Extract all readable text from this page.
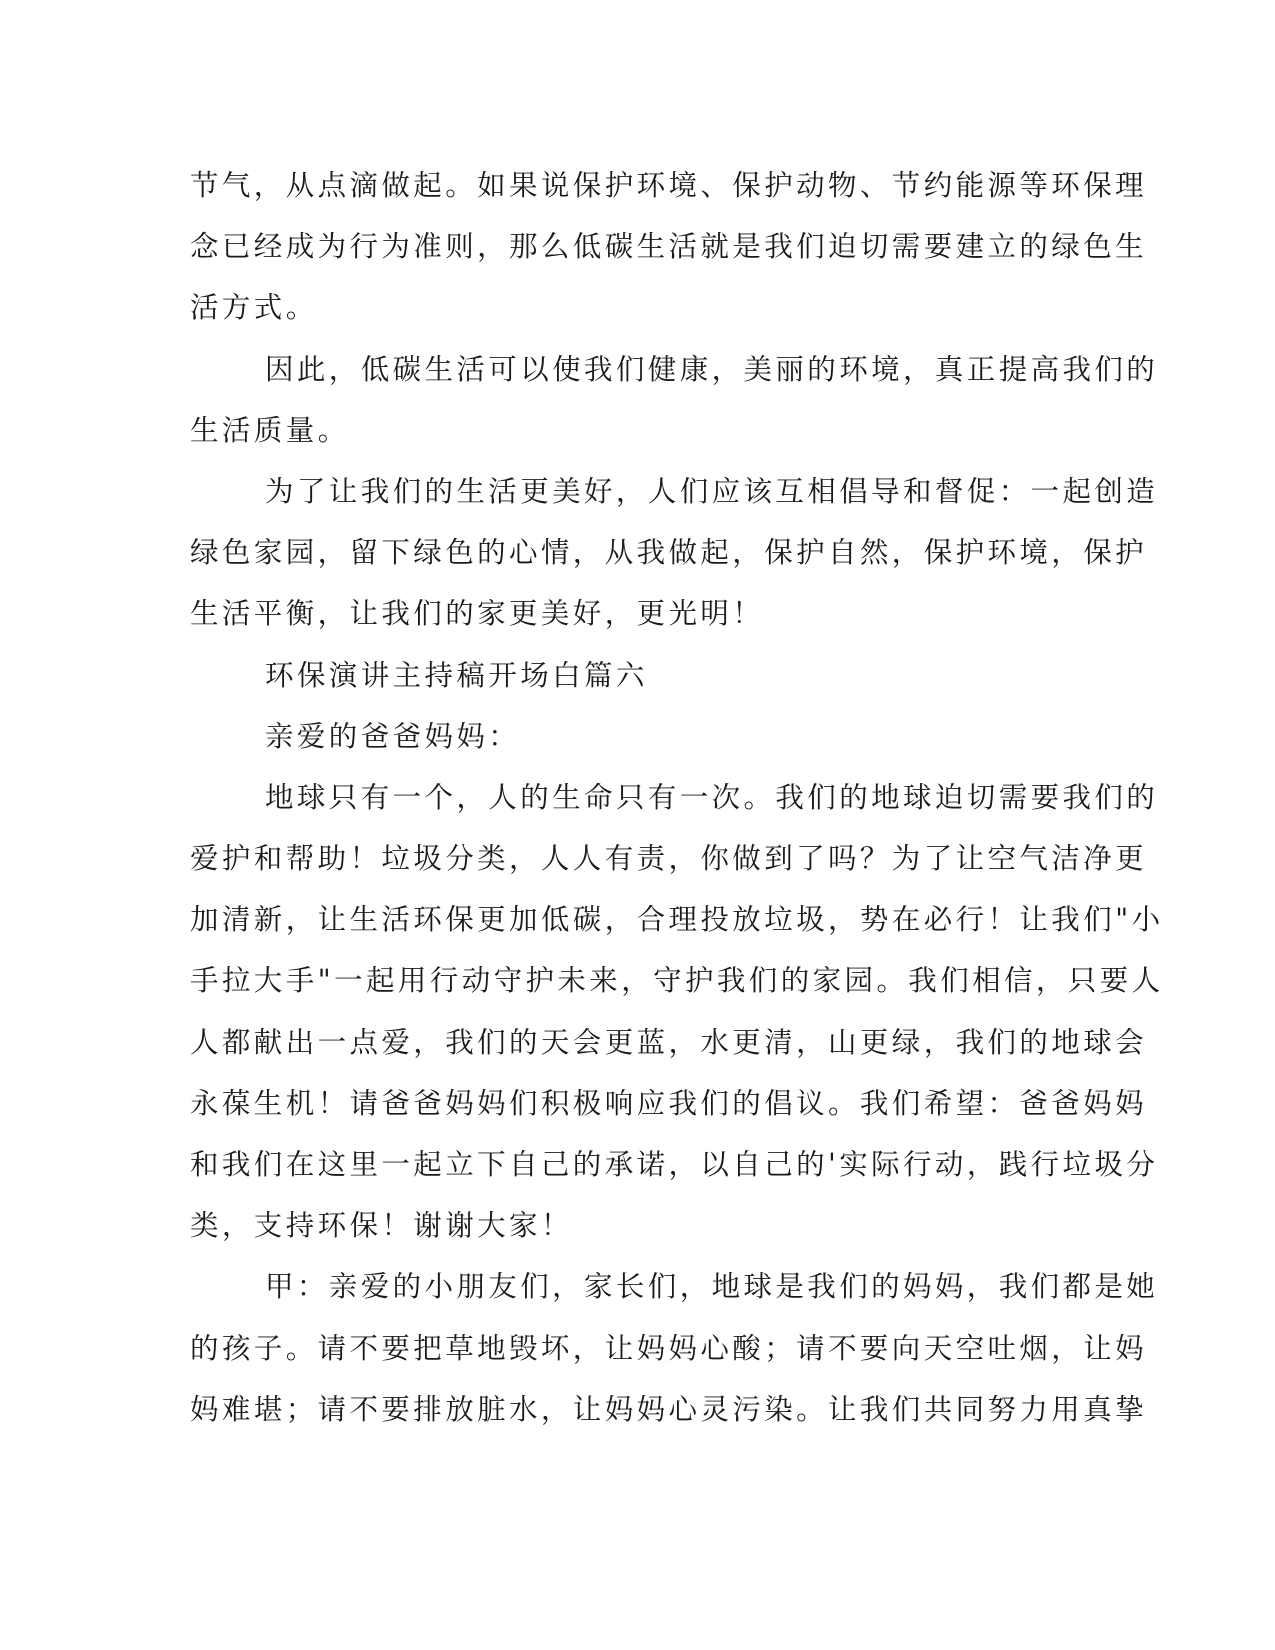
节气，从点滴做起。如果说保护环境、保护动物、节约能源等环保理
念已经成为行为准则，那么低碳生活就是我们迫切需要建立的绿色生
活方式。
因此，低碳生活可以使我们健康，美丽的环境，真正提高我们的
生活质量。
为了让我们的生活更美好，人们应该互相倡导和督促：一起创造
绿色家园，留下绿色的心情，从我做起，保护自然，保护环境，保护
生活平衡，让我们的家更美好，更光明！
环保演讲主持稿开场白篇六
亲爱的爸爸妈妈：
地球只有一个，人的生命只有一次。我们的地球迫切需要我们的
爱护和帮助！垃圾分类，人人有责，你做到了吗？为了让空气洁净更
加清新，让生活环保更加低碳，合理投放垃圾，势在必行！让我们"小
手拉大手"一起用行动守护未来，守护我们的家园。我们相信，只要人
人都献出一点爱，我们的天会更蓝，水更清，山更绿，我们的地球会
永葆生机！请爸爸妈妈们积极响应我们的倡议。我们希望：爸爸妈妈
和我们在这里一起立下自己的承诺，以自己的'实际行动，践行垃圾分
类，支持环保！谢谢大家！
甲：亲爱的小朋友们，家长们，地球是我们的妈妈，我们都是她
的孩子。请不要把草地毁坏，让妈妈心酸；请不要向天空吐烟，让妈
妈难堪；请不要排放脏水，让妈妈心灵污染。让我们共同努力用真挚
